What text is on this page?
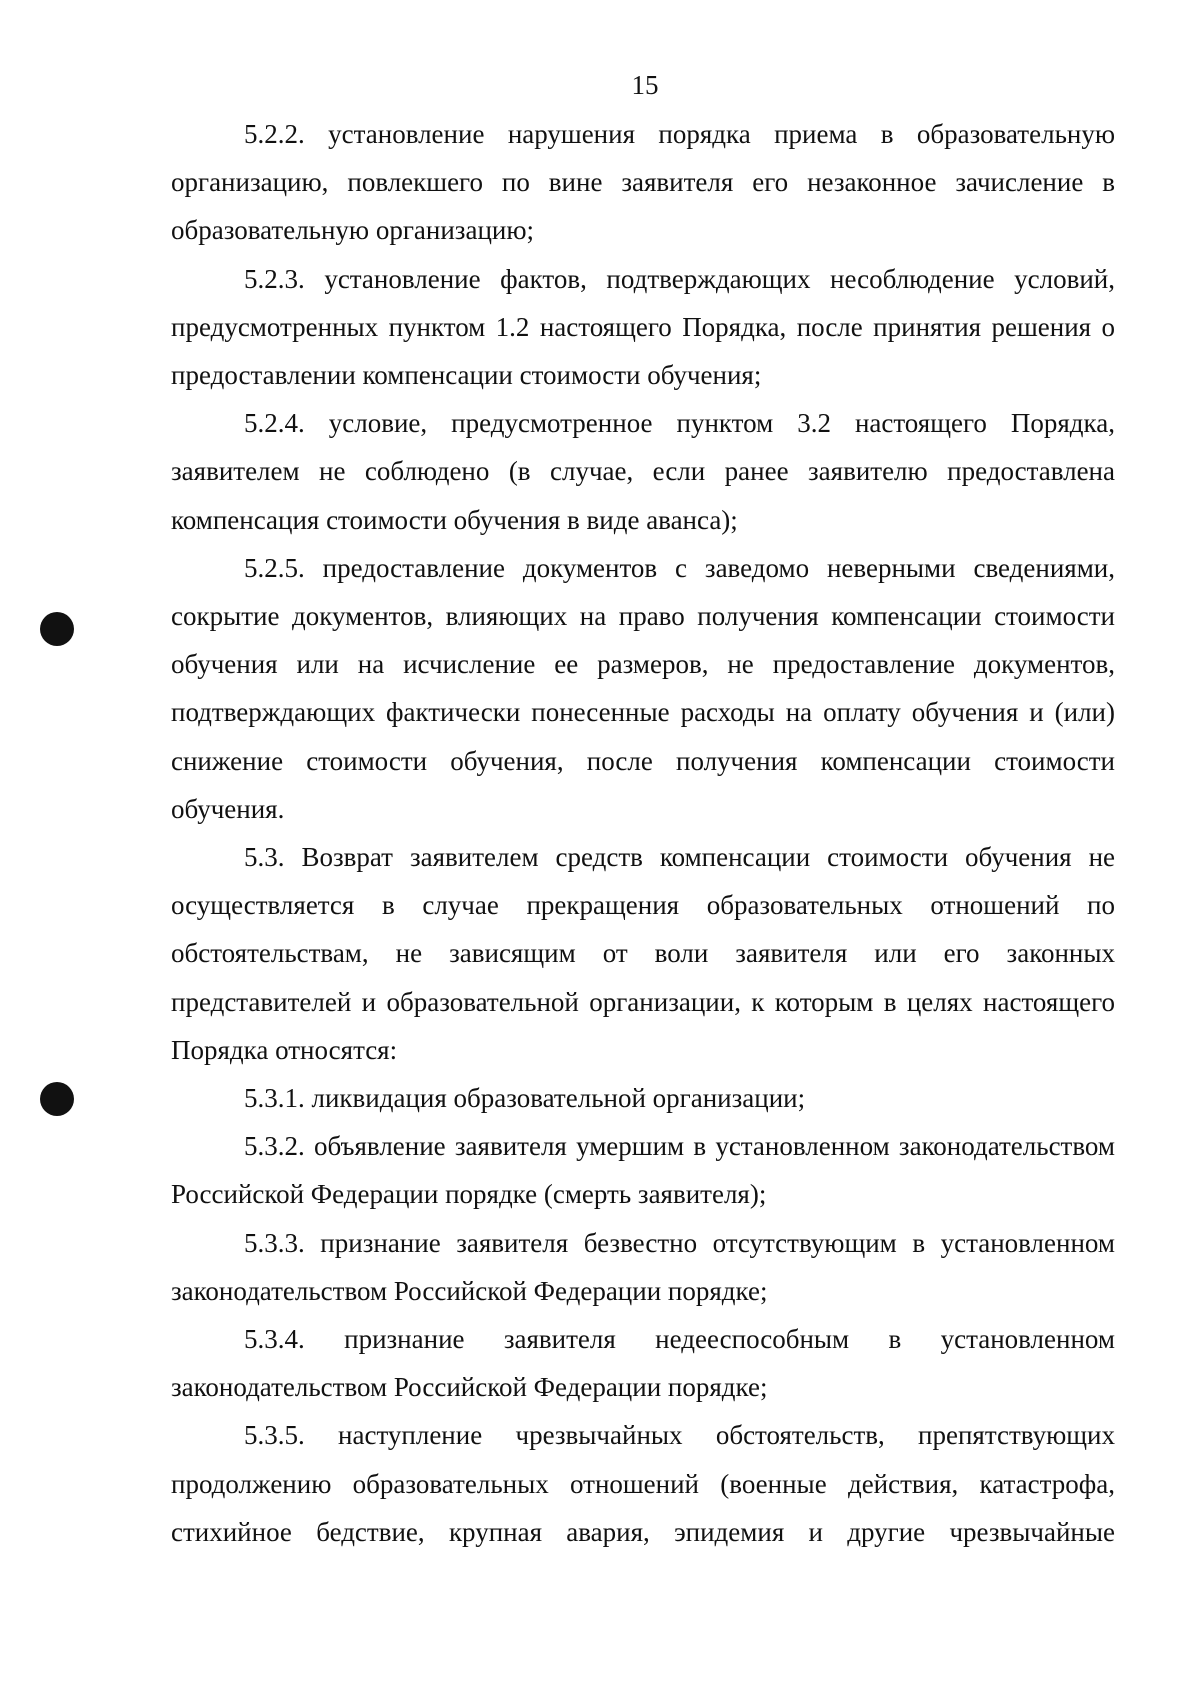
15

5.2.2. установление нарушения порядка приема в образовательную организацию, повлекшего по вине заявителя его незаконное зачисление в образовательную организацию;

5.2.3. установление фактов, подтверждающих несоблюдение условий, предусмотренных пунктом 1.2 настоящего Порядка, после принятия решения о предоставлении компенсации стоимости обучения;

5.2.4. условие, предусмотренное пунктом 3.2 настоящего Порядка, заявителем не соблюдено (в случае, если ранее заявителю предоставлена компенсация стоимости обучения в виде аванса);

5.2.5. предоставление документов с заведомо неверными сведениями, сокрытие документов, влияющих на право получения компенсации стоимости обучения или на исчисление ее размеров, не предоставление документов, подтверждающих фактически понесенные расходы на оплату обучения и (или) снижение стоимости обучения, после получения компенсации стоимости обучения.

5.3. Возврат заявителем средств компенсации стоимости обучения не осуществляется в случае прекращения образовательных отношений по обстоятельствам, не зависящим от воли заявителя или его законных представителей и образовательной организации, к которым в целях настоящего Порядка относятся:

5.3.1. ликвидация образовательной организации;

5.3.2. объявление заявителя умершим в установленном законодательством Российской Федерации порядке (смерть заявителя);

5.3.3. признание заявителя безвестно отсутствующим в установленном законодательством Российской Федерации порядке;

5.3.4. признание заявителя недееспособным в установленном законодательством Российской Федерации порядке;

5.3.5. наступление чрезвычайных обстоятельств, препятствующих продолжению образовательных отношений (военные действия, катастрофа, стихийное бедствие, крупная авария, эпидемия и другие чрезвычайные
